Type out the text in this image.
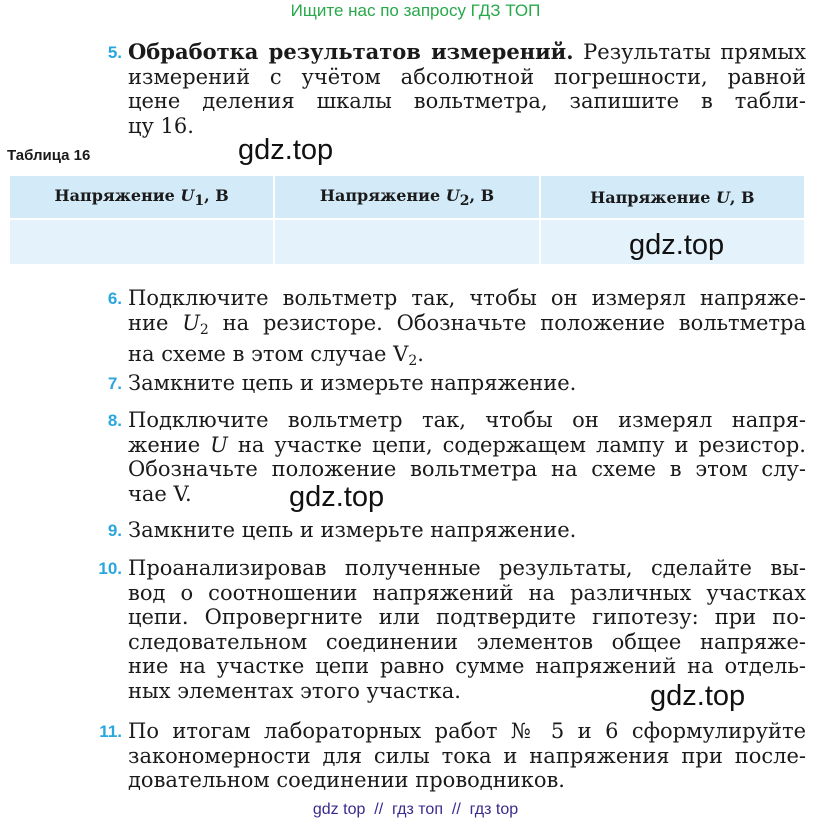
Ищите нас по запросу ГДЗ ТОП
5. Обработка результатов измерений. Результаты прямых
измерений с учётом абсолютной погрешности, равной
цене деления шкалы вольтметра, запишите в табли-
цу 16.
Таблица 16	gdz.top
Напряжение U1, В	Напряжение U2, В	Напряжение U, В

gdz.top
6. Подключите вольтметр так, чтобы он измерял напряже-
ние $U_2$ на резисторе. Обозначьте положение вольтметра
на схеме в этом случае $V_2$.
7. Замкните цепь и измерьте напряжение.
8. Подключите вольтметр так, чтобы он измерял напря-
жение U на участке цепи, содержащем лампу и резистор.
Обозначьте положение вольтметра на схеме в этом слу-
чае V.	gdz.top
9. Замкните цепь и измерьте напряжение.
10. Проанализировав полученные результаты, сделайте вы-
вод о соотношении напряжений на различных участках
цепи. Опровергните или подтвердите гипотезу: при по-
следовательном соединении элементов общее напряже-
ние на участке цепи равно сумме напряжений на отдель-
ных элементах этого участка.	gdz.top
11. По итогам лабораторных работ № 5 и 6 сформулируйте
закономерности для силы тока и напряжения при после-
довательном соединении проводников.
gdz top  //  гдз топ  //  гдз top
